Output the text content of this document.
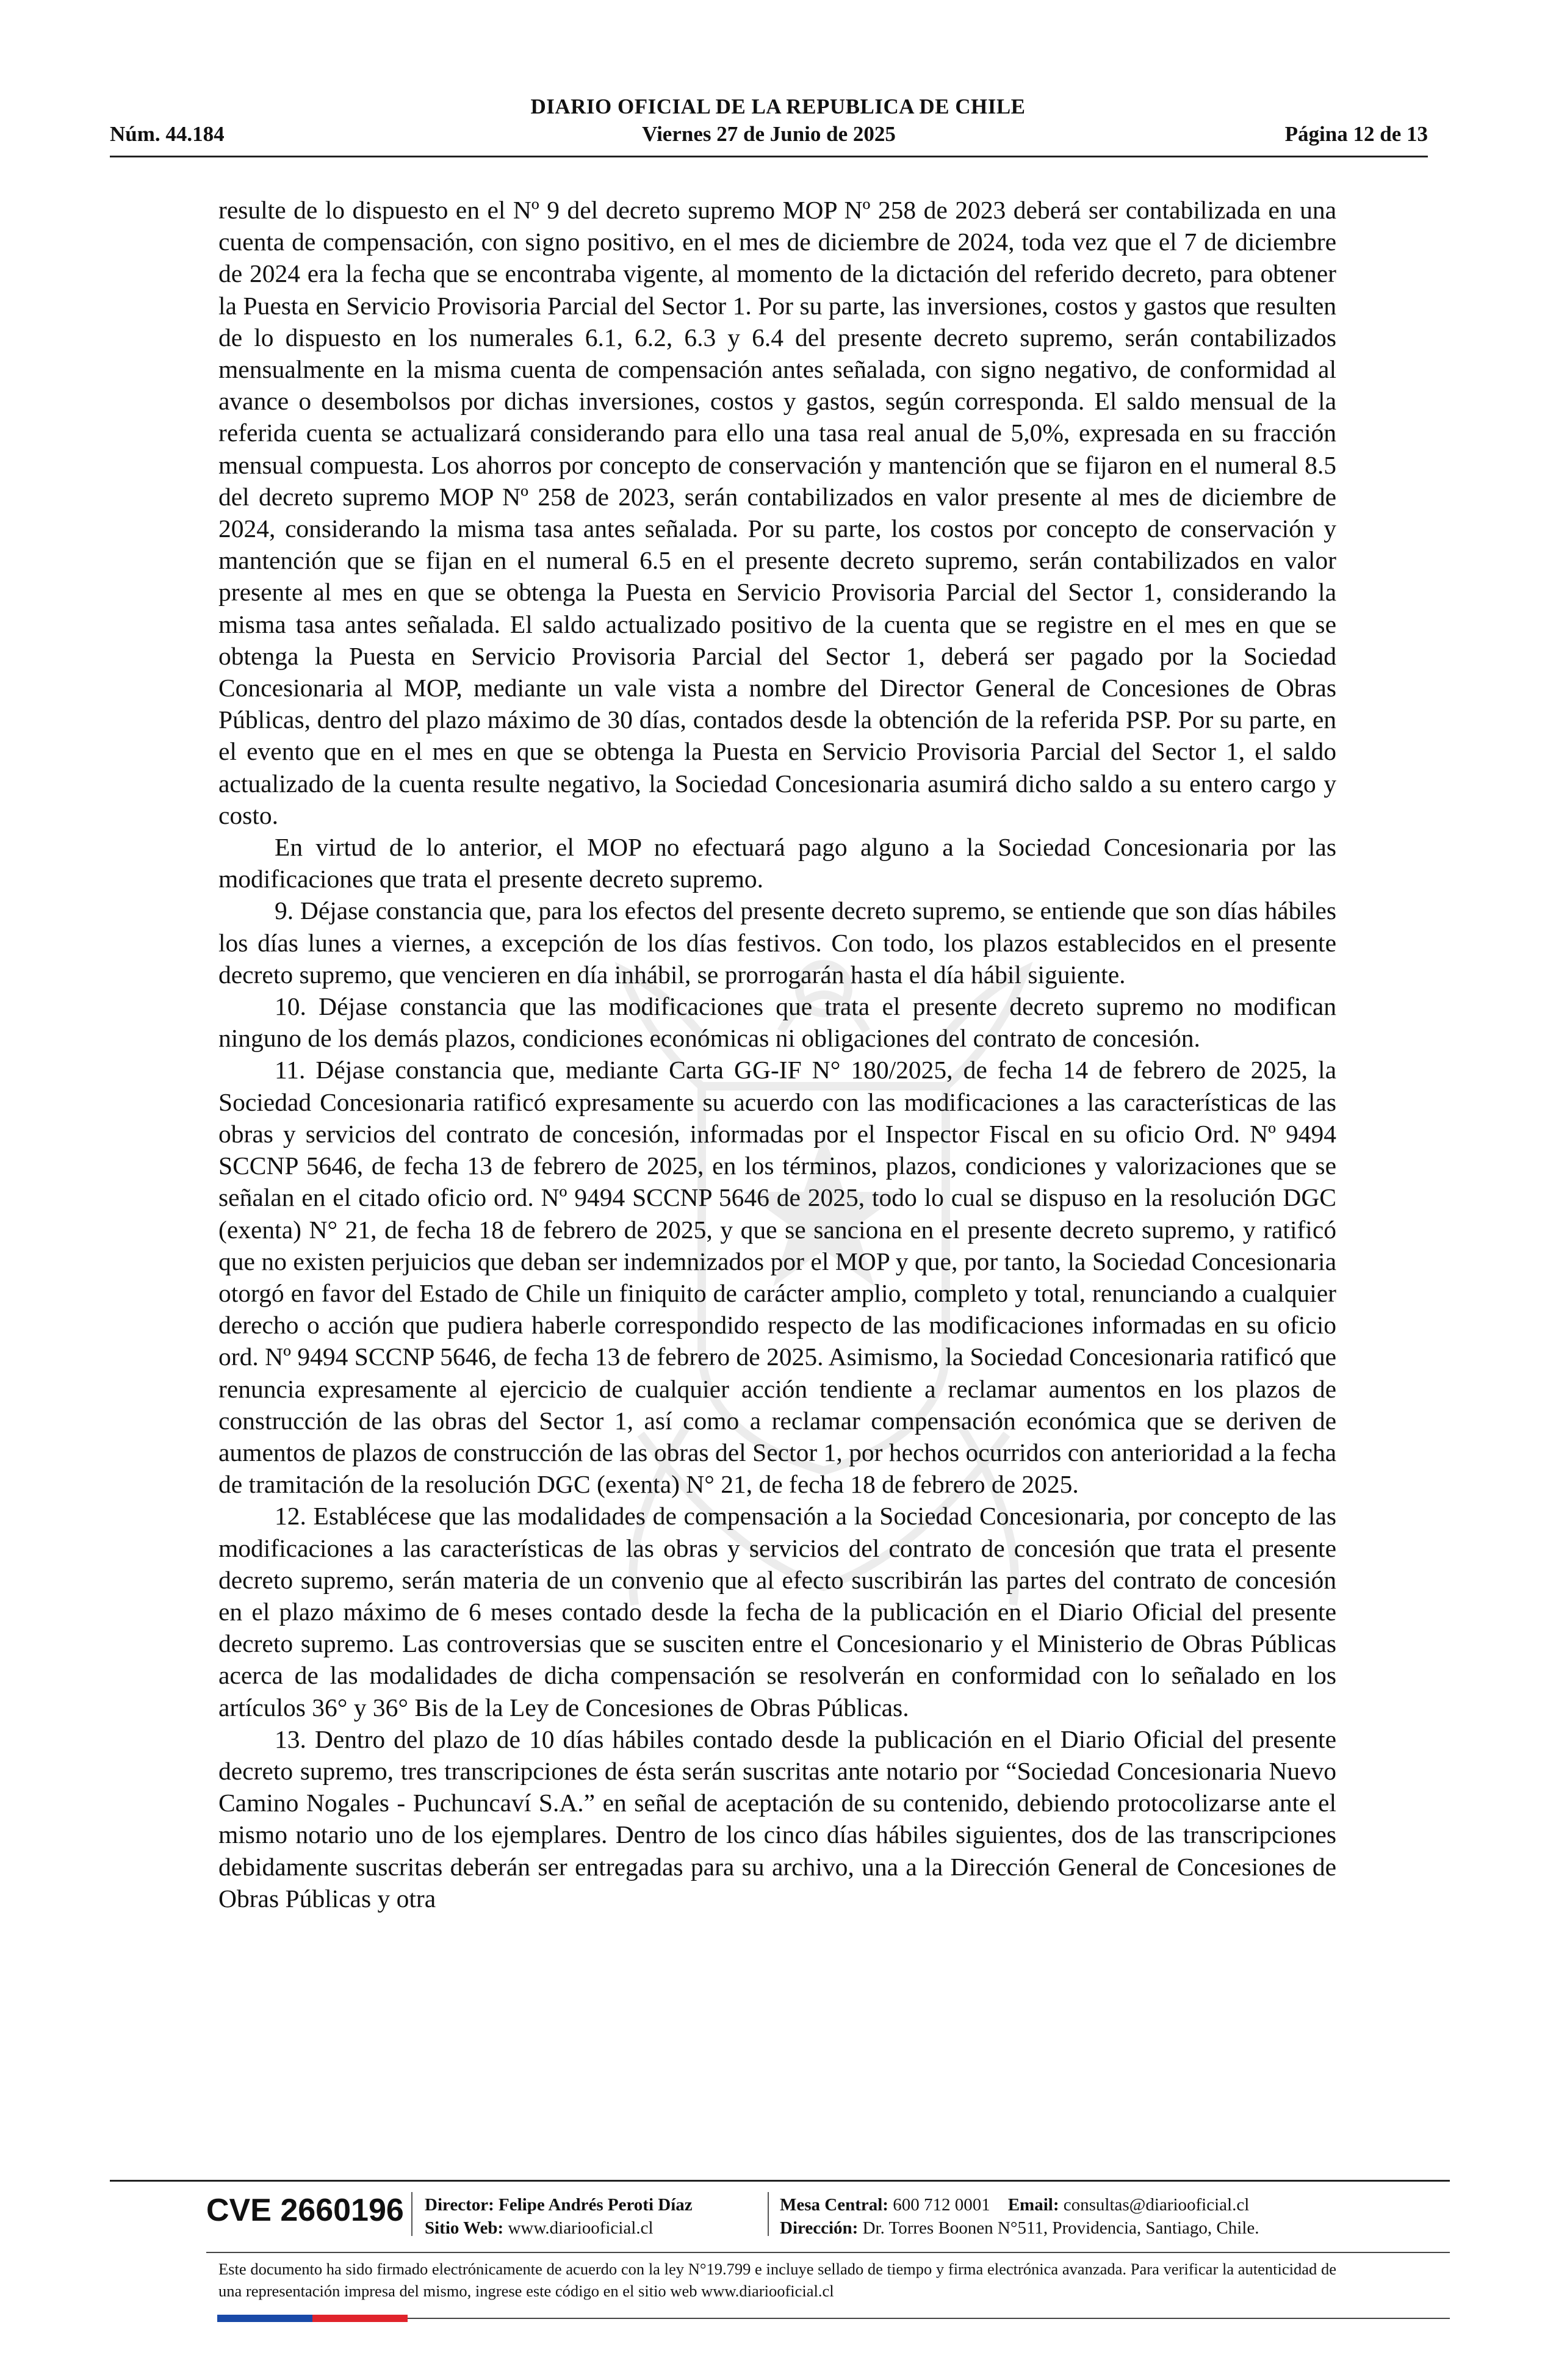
DIARIO OFICIAL DE LA REPUBLICA DE CHILE
Núm. 44.184	Viernes 27 de Junio de 2025	Página 12 de 13

resulte de lo dispuesto en el Nº 9 del decreto supremo MOP Nº 258 de 2023 deberá ser contabilizada en una cuenta de compensación, con signo positivo, en el mes de diciembre de 2024, toda vez que el 7 de diciembre de 2024 era la fecha que se encontraba vigente, al momento de la dictación del referido decreto, para obtener la Puesta en Servicio Provisoria Parcial del Sector 1. Por su parte, las inversiones, costos y gastos que resulten de lo dispuesto en los numerales 6.1, 6.2, 6.3 y 6.4 del presente decreto supremo, serán contabilizados mensualmente en la misma cuenta de compensación antes señalada, con signo negativo, de conformidad al avance o desembolsos por dichas inversiones, costos y gastos, según corresponda. El saldo mensual de la referida cuenta se actualizará considerando para ello una tasa real anual de 5,0%, expresada en su fracción mensual compuesta. Los ahorros por concepto de conservación y mantención que se fijaron en el numeral 8.5 del decreto supremo MOP Nº 258 de 2023, serán contabilizados en valor presente al mes de diciembre de 2024, considerando la misma tasa antes señalada. Por su parte, los costos por concepto de conservación y mantención que se fijan en el numeral 6.5 en el presente decreto supremo, serán contabilizados en valor presente al mes en que se obtenga la Puesta en Servicio Provisoria Parcial del Sector 1, considerando la misma tasa antes señalada. El saldo actualizado positivo de la cuenta que se registre en el mes en que se obtenga la Puesta en Servicio Provisoria Parcial del Sector 1, deberá ser pagado por la Sociedad Concesionaria al MOP, mediante un vale vista a nombre del Director General de Concesiones de Obras Públicas, dentro del plazo máximo de 30 días, contados desde la obtención de la referida PSP. Por su parte, en el evento que en el mes en que se obtenga la Puesta en Servicio Provisoria Parcial del Sector 1, el saldo actualizado de la cuenta resulte negativo, la Sociedad Concesionaria asumirá dicho saldo a su entero cargo y costo.

En virtud de lo anterior, el MOP no efectuará pago alguno a la Sociedad Concesionaria por las modificaciones que trata el presente decreto supremo.

9. Déjase constancia que, para los efectos del presente decreto supremo, se entiende que son días hábiles los días lunes a viernes, a excepción de los días festivos. Con todo, los plazos establecidos en el presente decreto supremo, que vencieren en día inhábil, se prorrogarán hasta el día hábil siguiente.

10. Déjase constancia que las modificaciones que trata el presente decreto supremo no modifican ninguno de los demás plazos, condiciones económicas ni obligaciones del contrato de concesión.

11. Déjase constancia que, mediante Carta GG-IF N° 180/2025, de fecha 14 de febrero de 2025, la Sociedad Concesionaria ratificó expresamente su acuerdo con las modificaciones a las características de las obras y servicios del contrato de concesión, informadas por el Inspector Fiscal en su oficio Ord. Nº 9494 SCCNP 5646, de fecha 13 de febrero de 2025, en los términos, plazos, condiciones y valorizaciones que se señalan en el citado oficio ord. Nº 9494 SCCNP 5646 de 2025, todo lo cual se dispuso en la resolución DGC (exenta) N° 21, de fecha 18 de febrero de 2025, y que se sanciona en el presente decreto supremo, y ratificó que no existen perjuicios que deban ser indemnizados por el MOP y que, por tanto, la Sociedad Concesionaria otorgó en favor del Estado de Chile un finiquito de carácter amplio, completo y total, renunciando a cualquier derecho o acción que pudiera haberle correspondido respecto de las modificaciones informadas en su oficio ord. Nº 9494 SCCNP 5646, de fecha 13 de febrero de 2025. Asimismo, la Sociedad Concesionaria ratificó que renuncia expresamente al ejercicio de cualquier acción tendiente a reclamar aumentos en los plazos de construcción de las obras del Sector 1, así como a reclamar compensación económica que se deriven de aumentos de plazos de construcción de las obras del Sector 1, por hechos ocurridos con anterioridad a la fecha de tramitación de la resolución DGC (exenta) N° 21, de fecha 18 de febrero de 2025.

12. Establécese que las modalidades de compensación a la Sociedad Concesionaria, por concepto de las modificaciones a las características de las obras y servicios del contrato de concesión que trata el presente decreto supremo, serán materia de un convenio que al efecto suscribirán las partes del contrato de concesión en el plazo máximo de 6 meses contado desde la fecha de la publicación en el Diario Oficial del presente decreto supremo. Las controversias que se susciten entre el Concesionario y el Ministerio de Obras Públicas acerca de las modalidades de dicha compensación se resolverán en conformidad con lo señalado en los artículos 36° y 36° Bis de la Ley de Concesiones de Obras Públicas.

13. Dentro del plazo de 10 días hábiles contado desde la publicación en el Diario Oficial del presente decreto supremo, tres transcripciones de ésta serán suscritas ante notario por “Sociedad Concesionaria Nuevo Camino Nogales - Puchuncaví S.A.” en señal de aceptación de su contenido, debiendo protocolizarse ante el mismo notario uno de los ejemplares. Dentro de los cinco días hábiles siguientes, dos de las transcripciones debidamente suscritas deberán ser entregadas para su archivo, una a la Dirección General de Concesiones de Obras Públicas y otra

CVE 2660196 Director: Felipe Andrés Peroti Díaz
Sitio Web: www.diariooficial.cl
Mesa Central: 600 712 0001 Email: consultas@diariooficial.cl
Dirección: Dr. Torres Boonen N°511, Providencia, Santiago, Chile.
Este documento ha sido firmado electrónicamente de acuerdo con la ley N°19.799 e incluye sellado de tiempo y firma electrónica avanzada. Para verificar la autenticidad de una representación impresa del mismo, ingrese este código en el sitio web www.diariooficial.cl
